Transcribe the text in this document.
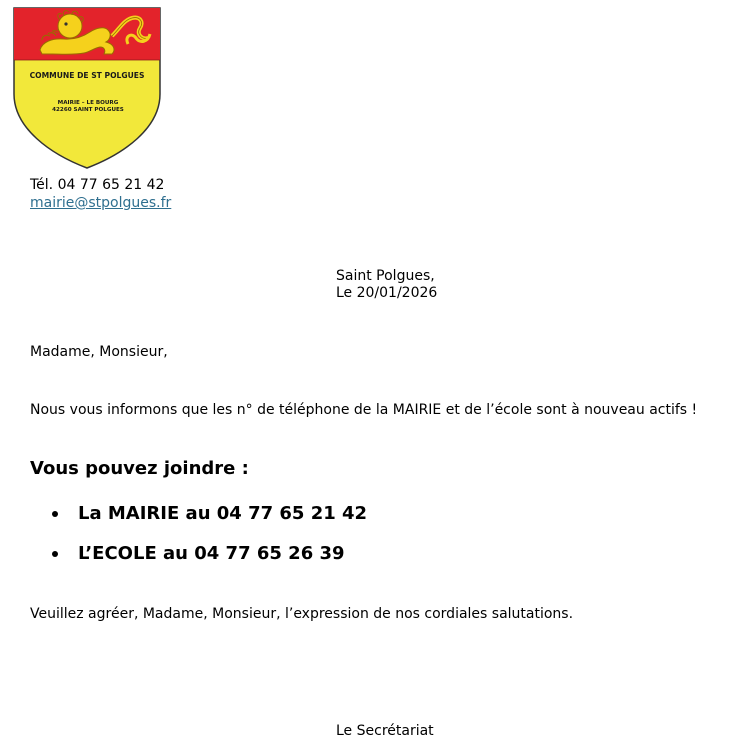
COMMUNE DE ST POLGUES
MAIRIE – LE BOURG
42260 SAINT POLGUES
Tél. 04 77 65 21 42
mairie@stpolgues.fr
Saint Polgues,
Le 20/01/2026
Madame, Monsieur,
Nous vous informons que les n° de téléphone de la MAIRIE et de l’école sont à nouveau actifs !
Vous pouvez joindre :
La MAIRIE au 04 77 65 21 42
L’ECOLE au 04 77 65 26 39
Veuillez agréer, Madame, Monsieur, l’expression de nos cordiales salutations.
Le Secrétariat
